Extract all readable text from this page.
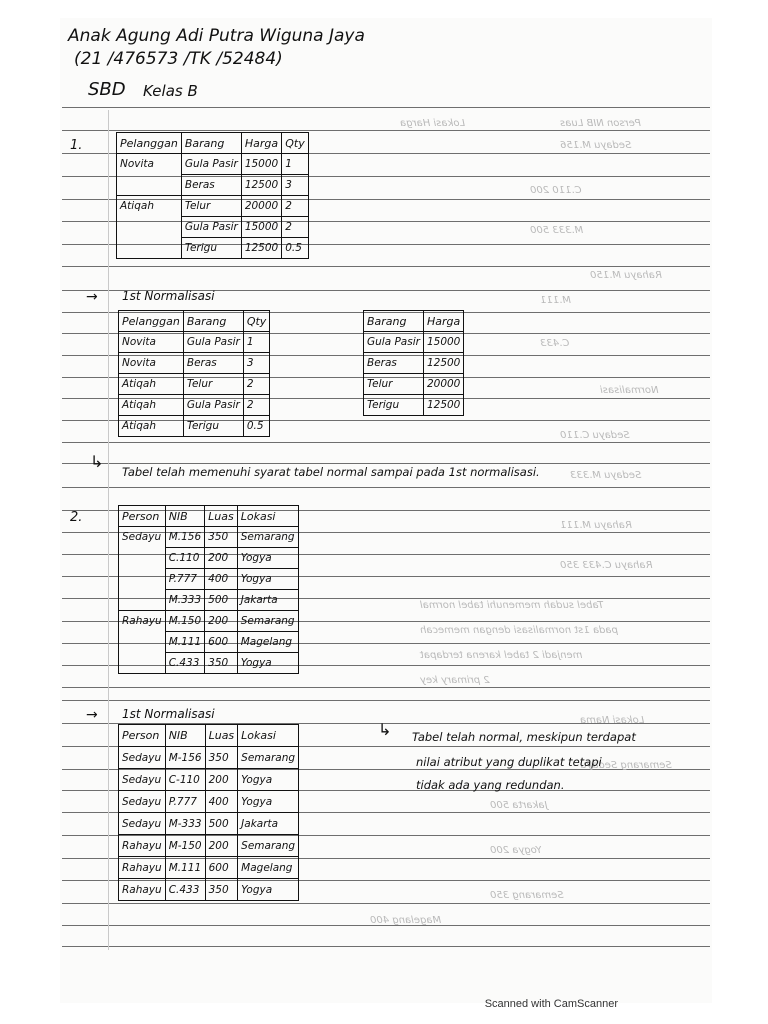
Person NIB Luas
Lokasi Harga
Sedayu M.156
C.110 200
M.333 500
Rahayu M.150
M.111
C.433
Normalisasi
Sedayu C.110
Sedayu M.333
Rahayu M.111
Rahayu C.433 350
Tabel sudah memenuhi tabel normal
pada 1st normalisasi dengan memecah
menjadi 2 tabel karena terdapat
2 primary key
Lokasi Nama
Semarang Sedayu
Jakarta 500
Yogya 200
Semarang 350
Magelang 400
Anak Agung Adi Putra Wiguna Jaya
(21 /476573 /TK /52484)
SBD Kelas B
1.	Pelanggan	Barang	Harga	Qty
Novita	Gula Pasir	15000	1
	Beras	12500	3
Atiqah	Telur	20000	2
	Gula Pasir	15000	2
	Terigu	12500	0.5
→ 1st Normalisasi
Pelanggan	Barang	Qty
Novita	Gula Pasir	1
Novita	Beras	3
Atiqah	Telur	2
Atiqah	Gula Pasir	2
Atiqah	Terigu	0.5
Barang	Harga
Gula Pasir	15000
Beras	12500
Telur	20000
Terigu	12500
↳
Tabel telah memenuhi syarat tabel normal sampai pada 1st normalisasi.
2.	Person	NIB	Luas	Lokasi
Sedayu	M.156	350	Semarang
	C.110	200	Yogya
	P.777	400	Yogya
	M.333	500	Jakarta
Rahayu	M.150	200	Semarang
	M.111	600	Magelang
	C.433	350	Yogya
→ 1st Normalisasi
Person	NIB	Luas	Lokasi
Sedayu	M-156	350	Semarang
Sedayu	C-110	200	Yogya
Sedayu	P.777	400	Yogya
Sedayu	M-333	500	Jakarta
Rahayu	M-150	200	Semarang
Rahayu	M.111	600	Magelang
Rahayu	C.433	350	Yogya
↳ Tabel telah normal, meskipun terdapat
nilai atribut yang duplikat tetapi
tidak ada yang redundan.
Scanned with CamScanner
